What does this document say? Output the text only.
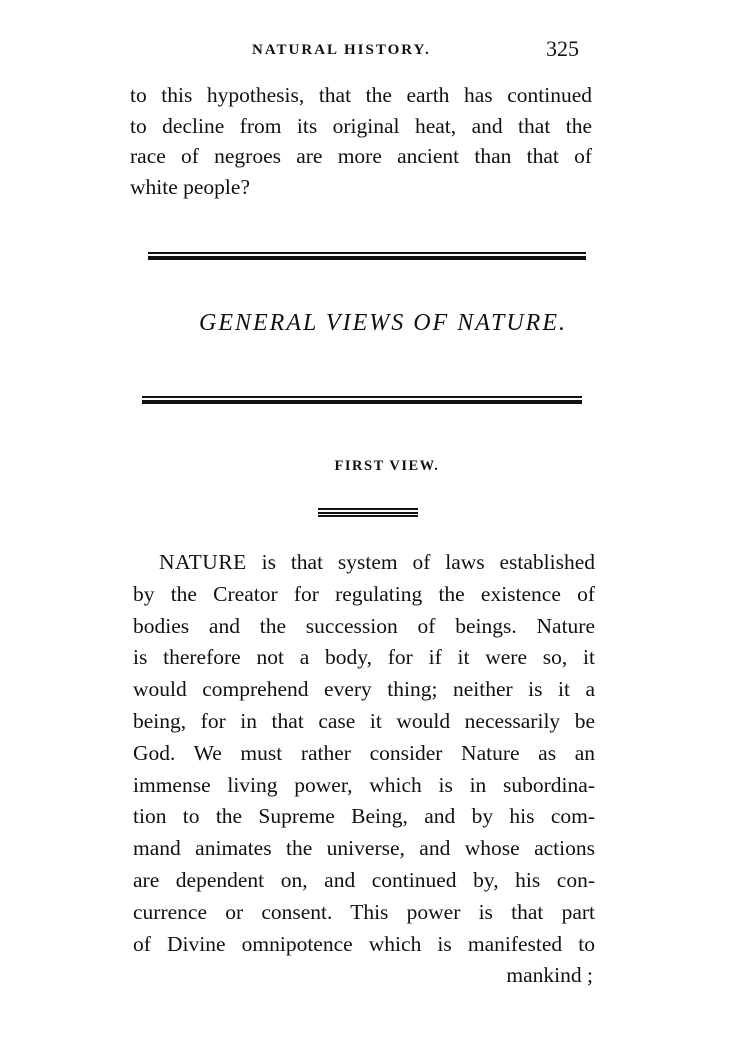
NATURAL HISTORY.	325
to this hypothesis, that the earth has continued
to decline from its original heat, and that the
race of negroes are more ancient than that of
white people?
GENERAL VIEWS OF NATURE.
FIRST VIEW.
NATURE is that system of laws established
by the Creator for regulating the existence of
bodies and the succession of beings. Nature
is therefore not a body, for if it were so, it
would comprehend every thing; neither is it a
being, for in that case it would necessarily be
God. We must rather consider Nature as an
immense living power, which is in subordina-
tion to the Supreme Being, and by his com-
mand animates the universe, and whose actions
are dependent on, and continued by, his con-
currence or consent. This power is that part
of Divine omnipotence which is manifested to
mankind ;
